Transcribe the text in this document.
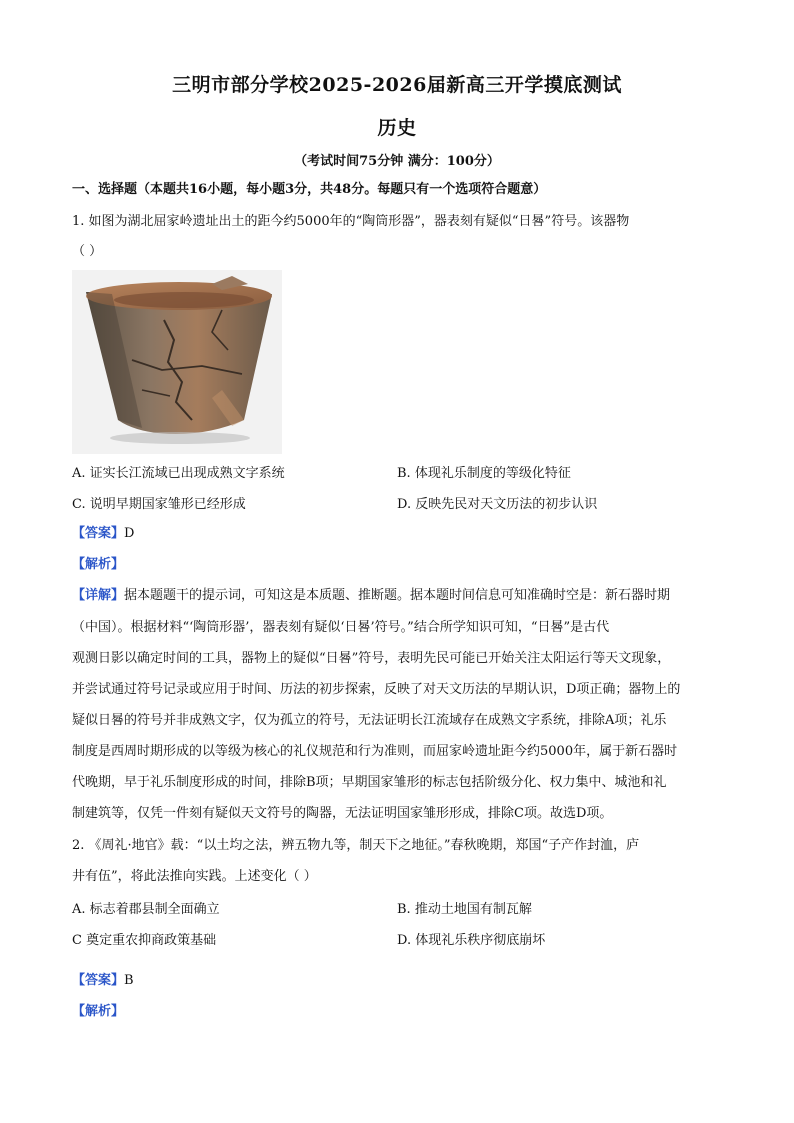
三明市部分学校2025-2026届新高三开学摸底测试
历史
（考试时间75分钟 满分：100分）
一、选择题（本题共16小题，每小题3分，共48分。每题只有一个选项符合题意）
1. 如图为湖北屈家岭遗址出土的距今约5000年的“陶筒形器”，器表刻有疑似“日晷”符号。该器物
（ ）
A. 证实长江流域已出现成熟文字系统	B. 体现礼乐制度的等级化特征
C. 说明早期国家雏形已经形成	D. 反映先民对天文历法的初步认识
【答案】D
【解析】
【详解】据本题题干的提示词，可知这是本质题、推断题。据本题时间信息可知准确时空是：新石器时期
（中国）。根据材料“‘陶筒形器’，器表刻有疑似‘日晷’符号。”结合所学知识可知，“日晷”是古代
观测日影以确定时间的工具，器物上的疑似“日晷”符号，表明先民可能已开始关注太阳运行等天文现象，
并尝试通过符号记录或应用于时间、历法的初步探索，反映了对天文历法的早期认识，D项正确；器物上的
疑似日晷的符号并非成熟文字，仅为孤立的符号，无法证明长江流域存在成熟文字系统，排除A项；礼乐
制度是西周时期形成的以等级为核心的礼仪规范和行为准则，而屈家岭遗址距今约5000年，属于新石器时
代晚期，早于礼乐制度形成的时间，排除B项；早期国家雏形的标志包括阶级分化、权力集中、城池和礼
制建筑等，仅凭一件刻有疑似天文符号的陶器，无法证明国家雏形形成，排除C项。故选D项。
2. 《周礼·地官》载：“以土均之法，辨五物九等，制天下之地征。”春秋晚期，郑国“子产作封洫，庐
井有伍”，将此法推向实践。上述变化（ ）
A. 标志着郡县制全面确立	B. 推动土地国有制瓦解
C 奠定重农抑商政策基础	D. 体现礼乐秩序彻底崩坏
【答案】B
【解析】
